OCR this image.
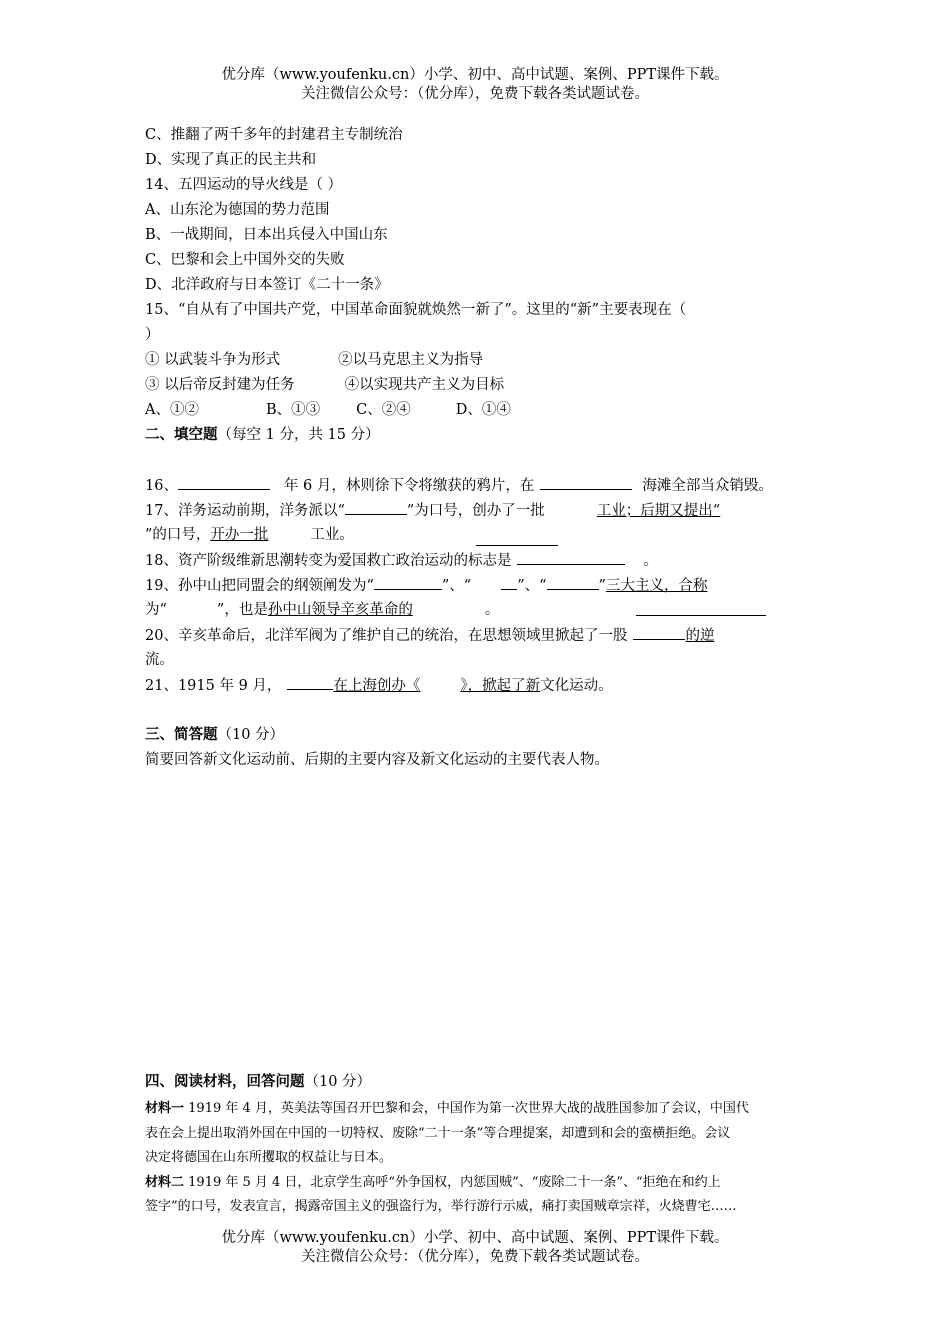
优分库（www.youfenku.cn）小学、初中、高中试题、案例、PPT课件下载。
关注微信公众号：（优分库），免费下载各类试题试卷。
C、推翻了两千多年的封建君主专制统治
D、实现了真正的民主共和
14、五四运动的导火线是（ ）
A、山东沦为德国的势力范围
B、一战期间，日本出兵侵入中国山东
C、巴黎和会上中国外交的失败
D、北洋政府与日本签订《二十一条》
15、“自从有了中国共产党，中国革命面貌就焕然一新了”。这里的“新”主要表现在（
）
① 以武装斗争为形式	②以马克思主义为指导
③ 以后帝反封建为任务	④以实现共产主义为目标
A、①②	B、①③ C、②④	D、①④
二、填空题（每空 1 分，共 15 分）
16、	年 6 月，林则徐下令将缴获的鸦片，在	海滩全部当众销毁。
17、洋务运动前期，洋务派以“	”为口号，创办了一批	工业；后期又提出“
”的口号，开办一批	工业。
18、资产阶级维新思潮转变为爱国救亡政治运动的标志是	。
19、孙中山把同盟会的纲领阐发为“	”、“	”、“	”三大主义，合称
为“	”，也是孙中山领导辛亥革命的	。
20、辛亥革命后，北洋军阀为了维护自己的统治，在思想领域里掀起了一股	的逆
流。
21、1915 年 9 月，	在上海创办《	》，掀起了新文化运动。
三、简答题（10 分）
简要回答新文化运动前、后期的主要内容及新文化运动的主要代表人物。
四、阅读材料，回答问题（10 分）
材料一 1919 年 4 月，英美法等国召开巴黎和会，中国作为第一次世界大战的战胜国参加了会议，中国代
表在会上提出取消外国在中国的一切特权、废除“二十一条”等合理提案，却遭到和会的蛮横拒绝。会议
决定将德国在山东所攫取的权益让与日本。
材料二 1919 年 5 月 4 日，北京学生高呼“外争国权，内惩国贼”、“废除二十一条”、“拒绝在和约上
签字”的口号，发表宣言，揭露帝国主义的强盗行为，举行游行示威，痛打卖国贼章宗祥，火烧曹宅……
优分库（www.youfenku.cn）小学、初中、高中试题、案例、PPT课件下载。
关注微信公众号：（优分库），免费下载各类试题试卷。
